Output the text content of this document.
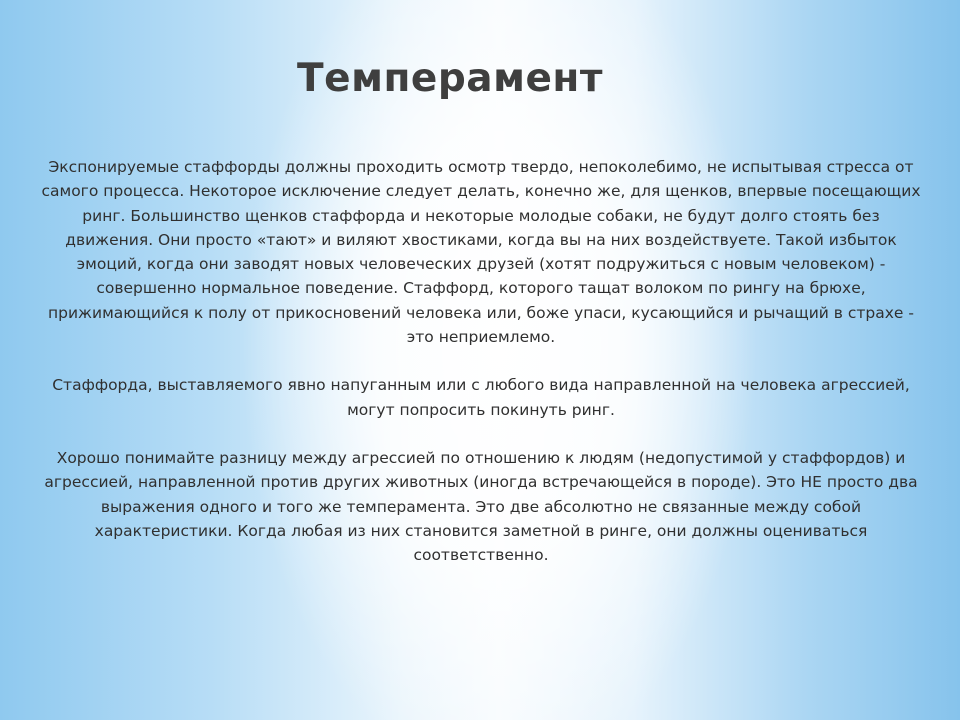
Темперамент

Экспонируемые стаффорды должны проходить осмотр твердо, непоколебимо, не испытывая стресса от самого процесса. Некоторое исключение следует делать, конечно же, для щенков, впервые посещающих ринг. Большинство щенков стаффорда и некоторые молодые собаки, не будут долго стоять без движения. Они просто «тают» и виляют хвостиками, когда вы на них воздействуете. Такой избыток эмоций, когда они заводят новых человеческих друзей (хотят подружиться с новым человеком) - совершенно нормальное поведение. Стаффорд, которого тащат волоком по рингу на брюхе, прижимающийся к полу от прикосновений человека или, боже упаси, кусающийся и рычащий в страхе - это неприемлемо.

Стаффорда, выставляемого явно напуганным или с любого вида направленной на человека агрессией, могут попросить покинуть ринг.

Хорошо понимайте разницу между агрессией по отношению к людям (недопустимой у стаффордов) и агрессией, направленной против других животных (иногда встречающейся в породе). Это НЕ просто два выражения одного и того же темперамента. Это две абсолютно не связанные между собой характеристики. Когда любая из них становится заметной в ринге, они должны оцениваться соответственно.
